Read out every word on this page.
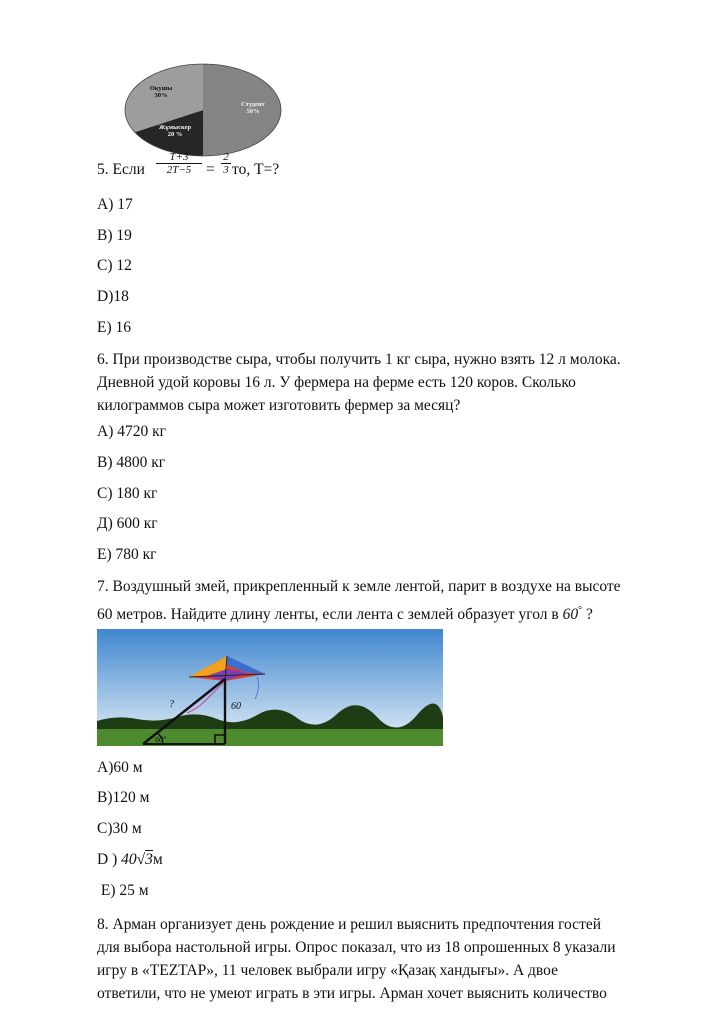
Оқушы
30%
Студент
50%
Жұмыскер
20 %
5. Если $\frac{T+3}{2T-5} = \frac{2}{3}$ то, Т=?
A) 17
B) 19
C) 12
D)18
E) 16
6. При производстве сыра, чтобы получить 1 кг сыра, нужно взять 12 л молока.
Дневной удой коровы 16 л. У фермера на ферме есть 120 коров. Сколько
килограммов сыра может изготовить фермер за месяц?
A) 4720 кг
B) 4800 кг
C) 180 кг
Д) 600 кг
E) 780 кг
7. Воздушный змей, прикрепленный к земле лентой, парит в воздухе на высоте
60 метров. Найдите длину ленты, если лента с землей образует угол в 60° ?
60
?
60°
A)60 м
B)120 м
C)30 м
D ) 40√3м
E) 25 м
8. Арман организует день рождение и решил выяснить предпочтения гостей
для выбора настольной игры. Опрос показал, что из 18 опрошенных 8 указали
игру в «TEZTAP», 11 человек выбрали игру «Қазақ хандығы». А двое
ответили, что не умеют играть в эти игры. Арман хочет выяснить количество
